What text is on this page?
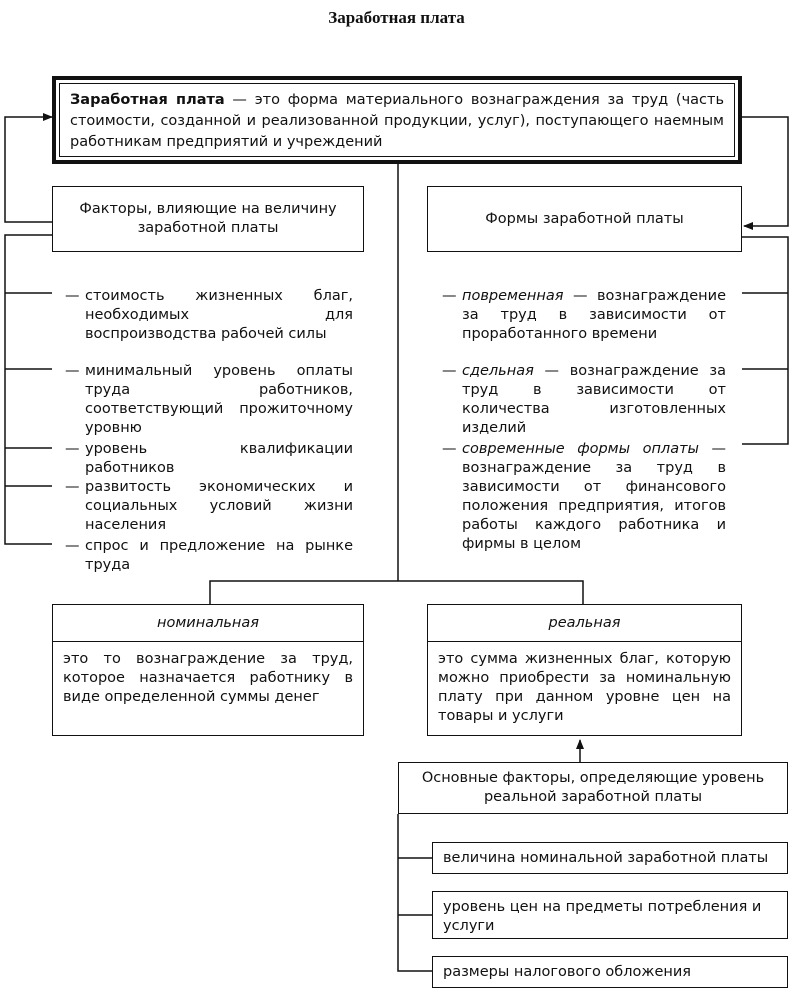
Заработная плата
Заработная плата — это форма материального вознаграждения за труд (часть стоимости, созданной и реализованной продукции, услуг), поступающего наемным работникам предприятий и учреждений
Факторы, влияющие на величину заработной платы
Формы заработной платы
— стоимость жизненных благ, необходимых для воспроизводства рабочей силы
— минимальный уровень оплаты труда работников, соответствующий прожиточному уровню
— уровень квалификации работников
— развитость экономических и социальных условий жизни населения
— спрос и предложение на рынке труда
— повременная — вознаграждение за труд в зависимости от проработанного времени
— сдельная — вознаграждение за труд в зависимости от количества изготовленных изделий
— современные формы оплаты — вознаграждение за труд в зависимости от финансового положения предприятия, итогов работы каждого работника и фирмы в целом
номинальная
это то вознаграждение за труд, которое назначается работнику в виде определенной суммы денег
реальная
это сумма жизненных благ, которую можно приобрести за номинальную плату при данном уровне цен на товары и услуги
Основные факторы, определяющие уровень реальной заработной платы
величина номинальной заработной платы
уровень цен на предметы потребления и услуги
размеры налогового обложения
